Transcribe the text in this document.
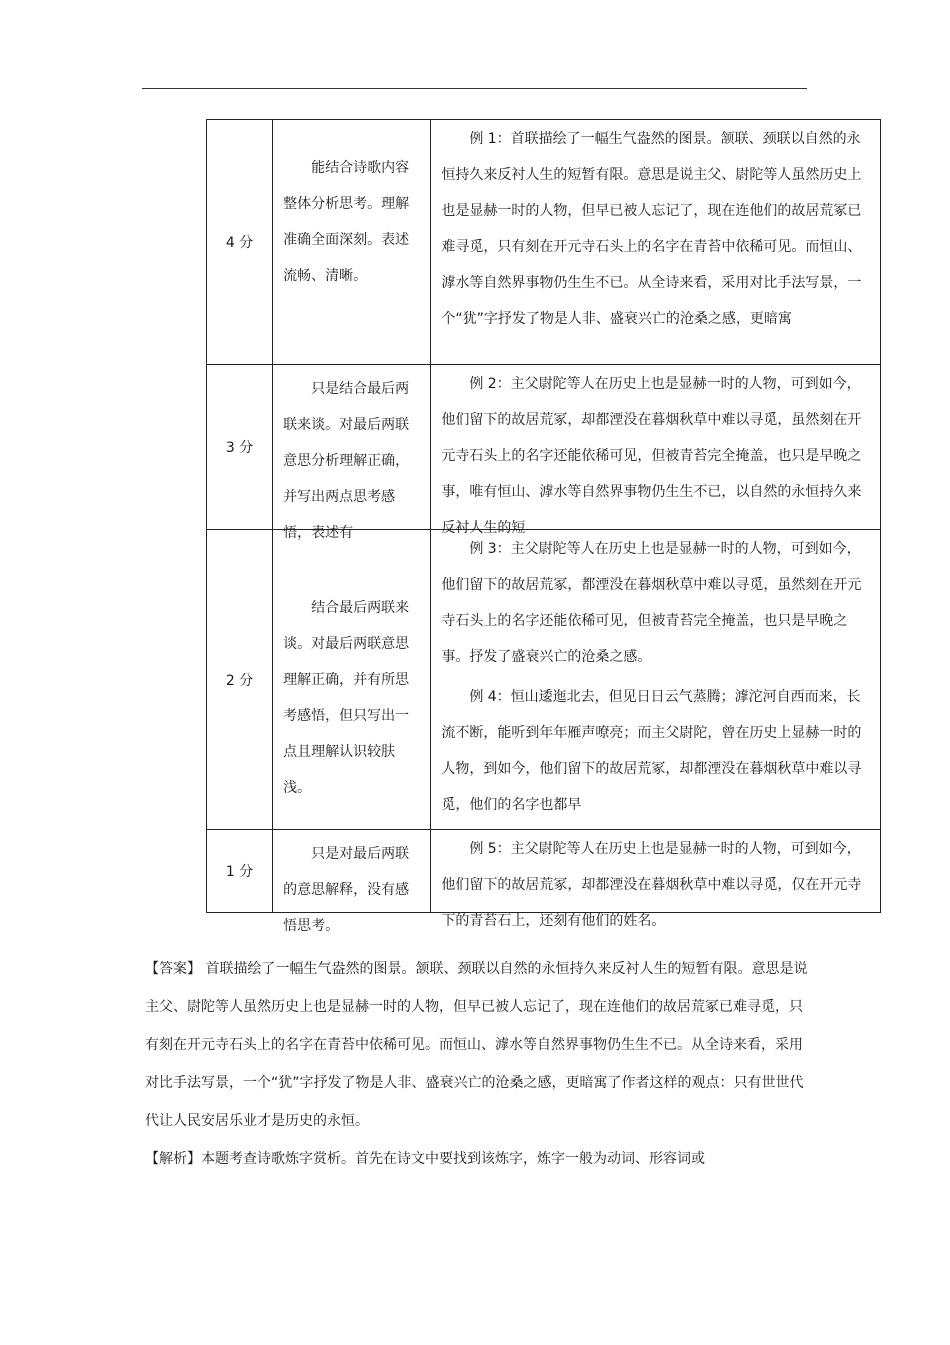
4 分	能结合诗歌内容整体分析思考。理解准确全面深刻。表述流畅、清晰。	例 1：首联描绘了一幅生气盎然的图景。颔联、颈联以自然的永恒持久来反衬人生的短暂有限。意思是说主父、尉陀等人虽然历史上也是显赫一时的人物，但早已被人忘记了，现在连他们的故居荒冢已难寻觅，只有刻在开元寺石头上的名字在青苔中依稀可见。而恒山、滹水等自然界事物仍生生不已。从全诗来看，采用对比手法写景，一个“犹”字抒发了物是人非、盛衰兴亡的沧桑之感，更暗寓

3 分	只是结合最后两联来谈。对最后两联意思分析理解正确，并写出两点思考感悟，表述有	例 2：主父尉陀等人在历史上也是显赫一时的人物，可到如今，他们留下的故居荒冢，却都湮没在暮烟秋草中难以寻觅，虽然刻在开元寺石头上的名字还能依稀可见，但被青苔完全掩盖，也只是早晚之事，唯有恒山、滹水等自然界事物仍生生不已，以自然的永恒持久来反衬人生的短

2 分	结合最后两联来谈。对最后两联意思理解正确，并有所思考感悟，但只写出一点且理解认识较肤浅。	例 3：主父尉陀等人在历史上也是显赫一时的人物，可到如今，他们留下的故居荒冢，都湮没在暮烟秋草中难以寻觅，虽然刻在开元寺石头上的名字还能依稀可见，但被青苔完全掩盖，也只是早晚之事。抒发了盛衰兴亡的沧桑之感。

例 4：恒山逶迤北去，但见日日云气蒸腾；滹沱河自西而来，长流不断，能听到年年雁声嘹亮；而主父尉陀，曾在历史上显赫一时的人物，到如今，他们留下的故居荒冢，却都湮没在暮烟秋草中难以寻觅，他们的名字也都早

1 分	只是对最后两联的意思解释，没有感悟思考。	例 5：主父尉陀等人在历史上也是显赫一时的人物，可到如今，他们留下的故居荒冢，却都湮没在暮烟秋草中难以寻觅，仅在开元寺下的青苔石上，还刻有他们的姓名。

【答案】 首联描绘了一幅生气盎然的图景。颔联、颈联以自然的永恒持久来反衬人生的短暂有限。意思是说主父、尉陀等人虽然历史上也是显赫一时的人物，但早已被人忘记了，现在连他们的故居荒冢已难寻觅，只有刻在开元寺石头上的名字在青苔中依稀可见。而恒山、滹水等自然界事物仍生生不已。从全诗来看，采用对比手法写景，一个“犹”字抒发了物是人非、盛衰兴亡的沧桑之感，更暗寓了作者这样的观点：只有世世代代让人民安居乐业才是历史的永恒。

【解析】本题考查诗歌炼字赏析。首先在诗文中要找到该炼字，炼字一般为动词、形容词或
